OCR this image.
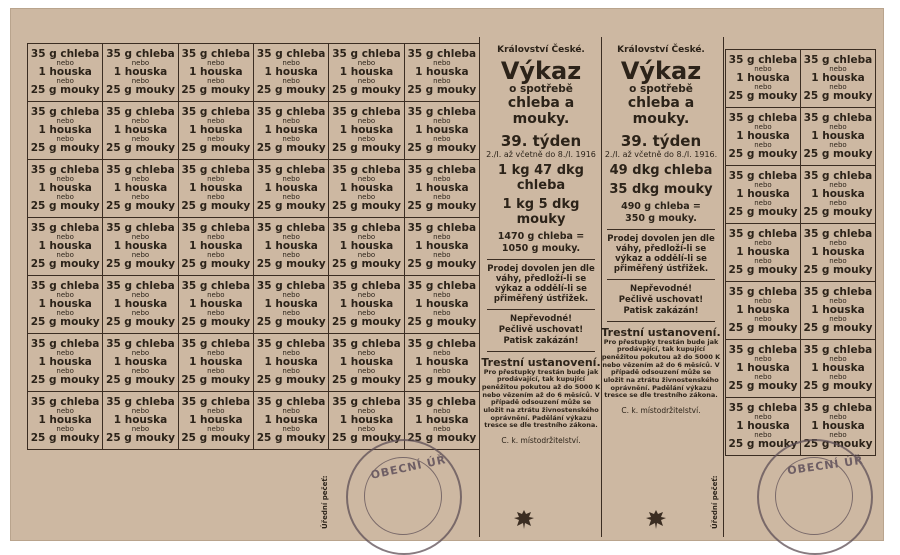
35 g chleba
nebo
1 houska
nebo
25 g mouky
35 g chleba
nebo
1 houska
nebo
25 g mouky
35 g chleba
nebo
1 houska
nebo
25 g mouky
35 g chleba
nebo
1 houska
nebo
25 g mouky
35 g chleba
nebo
1 houska
nebo
25 g mouky
35 g chleba
nebo
1 houska
nebo
25 g mouky
35 g chleba
nebo
1 houska
nebo
25 g mouky
35 g chleba
nebo
1 houska
nebo
25 g mouky
35 g chleba
nebo
1 houska
nebo
25 g mouky
35 g chleba
nebo
1 houska
nebo
25 g mouky
35 g chleba
nebo
1 houska
nebo
25 g mouky
35 g chleba
nebo
1 houska
nebo
25 g mouky
35 g chleba
nebo
1 houska
nebo
25 g mouky
35 g chleba
nebo
1 houska
nebo
25 g mouky
35 g chleba
nebo
1 houska
nebo
25 g mouky
35 g chleba
nebo
1 houska
nebo
25 g mouky
35 g chleba
nebo
1 houska
nebo
25 g mouky
35 g chleba
nebo
1 houska
nebo
25 g mouky
35 g chleba
nebo
1 houska
nebo
25 g mouky
35 g chleba
nebo
1 houska
nebo
25 g mouky
35 g chleba
nebo
1 houska
nebo
25 g mouky
35 g chleba
nebo
1 houska
nebo
25 g mouky
35 g chleba
nebo
1 houska
nebo
25 g mouky
35 g chleba
nebo
1 houska
nebo
25 g mouky
35 g chleba
nebo
1 houska
nebo
25 g mouky
35 g chleba
nebo
1 houska
nebo
25 g mouky
35 g chleba
nebo
1 houska
nebo
25 g mouky
35 g chleba
nebo
1 houska
nebo
25 g mouky
35 g chleba
nebo
1 houska
nebo
25 g mouky
35 g chleba
nebo
1 houska
nebo
25 g mouky
35 g chleba
nebo
1 houska
nebo
25 g mouky
35 g chleba
nebo
1 houska
nebo
25 g mouky
35 g chleba
nebo
1 houska
nebo
25 g mouky
35 g chleba
nebo
1 houska
nebo
25 g mouky
35 g chleba
nebo
1 houska
nebo
25 g mouky
35 g chleba
nebo
1 houska
nebo
25 g mouky
35 g chleba
nebo
1 houska
nebo
25 g mouky
35 g chleba
nebo
1 houska
nebo
25 g mouky
35 g chleba
nebo
1 houska
nebo
25 g mouky
35 g chleba
nebo
1 houska
nebo
25 g mouky
35 g chleba
nebo
1 houska
nebo
25 g mouky
35 g chleba
nebo
1 houska
nebo
25 g mouky
35 g chleba
nebo
1 houska
nebo
25 g mouky
35 g chleba
nebo
1 houska
nebo
25 g mouky
35 g chleba
nebo
1 houska
nebo
25 g mouky
35 g chleba
nebo
1 houska
nebo
25 g mouky
35 g chleba
nebo
1 houska
nebo
25 g mouky
35 g chleba
nebo
1 houska
nebo
25 g mouky
35 g chleba
nebo
1 houska
nebo
25 g mouky
35 g chleba
nebo
1 houska
nebo
25 g mouky
35 g chleba
nebo
1 houska
nebo
25 g mouky
35 g chleba
nebo
1 houska
nebo
25 g mouky
35 g chleba
nebo
1 houska
nebo
25 g mouky
35 g chleba
nebo
1 houska
nebo
25 g mouky
35 g chleba
nebo
1 houska
nebo
25 g mouky
35 g chleba
nebo
1 houska
nebo
25 g mouky
Království České.
Výkaz
o spotřebě
chleba a mouky.
39. týden
2./I. až včetně do 8./I. 1916
1 kg 47 dkg chleba
1 kg 5 dkg mouky
1470 g chleba =
1050 g mouky.
Prodej dovolen jen dle váhy, předloží-li se výkaz a oddělí-li se přiměřený ústřižek.
Nepřevodné!
Pečlivě uschovat!
Patisk zakázán!
Trestní ustanovení.
Pro přestupky trestán bude jak prodávající, tak kupující peněžitou pokutou až do 5000 K nebo vězením až do 6 měsíců. V případě odsouzení může se uložit na ztrátu živnostenského oprávnění. Padělání výkazu tresce se dle trestního zákona.
C. k. místodržitelství.
Království České.
Výkaz
o spotřebě
chleba a mouky.
39. týden
2./I. až včetně do 8./I. 1916.
49 dkg chleba
35 dkg mouky
490 g chleba =
350 g mouky.
Prodej dovolen jen dle váhy, předloží-li se výkaz a oddělí-li se přiměřený ústřižek.
Nepřevodné!
Pečlivě uschovat!
Patisk zakázán!
Trestní ustanovení.
Pro přestupky trestán bude jak prodávající, tak kupující peněžitou pokutou až do 5000 K nebo vězením až do 6 měsíců. V případě odsouzení může se uložit na ztrátu živnostenského oprávnění. Padělání výkazu tresce se dle trestního zákona.
C. k. místodržitelství.
Úřední pečeť:	Úřední pečeť:
OBECNÍ ÚŘ	OBECNÍ ÚŘ
